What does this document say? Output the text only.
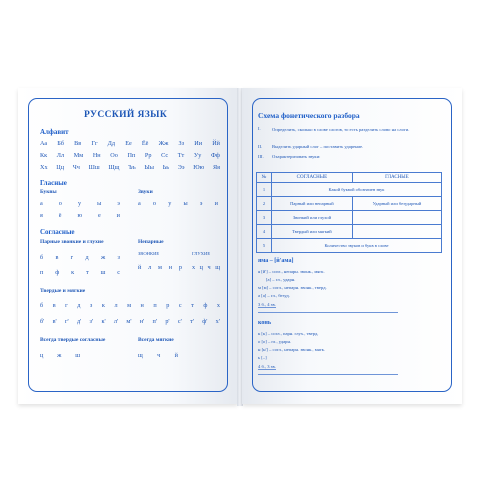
РУССКИЙ ЯЗЫК
Алфавит
Аа Бб Вв Гг Дд Ее Ёё Жж Зз Ии Йй
Кк Лл Мм Нн Оо Пп Рр Сс Тт Уу Фф
Хх Цц Чч Шш Щщ Ъъ Ыы Ьь Ээ Юю Яя
Гласные
Буквы	Звуки
а	о	у	ы	э
я	ё	ю	е	и
а о у ы э и
Согласные
Парные звонкие и глухие	Непарные
ЗВОНКИЕ	ГЛУХИЕ
б в г д ж з
п ф к т ш с
й л м н р х ц ч щ
Твердые и мягкие
б в г д з к л м н п р с т ф х
б' в' г' д' з' к' л' м' н' п' р' с' т' ф' х'
Всегда твердые согласные	Всегда мягкие
ц ж ш	щ ч й
Схема фонетического разбора
I. Определить, сколько в слове слогов, то есть разделить слово на слоги.
II. Выделить ударный слог – поставить ударение.
III. Охарактеризовать звуки:
№	СОГЛАСНЫЕ	ГЛАСНЫЕ
1	Какой буквой обозначен звук	
2	Парный или непарный	Ударный или безударный
3	Звонкий или глухой	
4	Твердый или мягкий	
5	Количество звуков и букв в слове	
яма – [й'ама]
я [й'] – согл., непарн. звонк., мягк.
[а] – гл., ударн.
м [м] – согл., непарн. звонк., тверд.
а [а] – гл., безуд.
3 б., 4 зв.
конь
к [к] – согл., парн. глух., тверд.
о [о] – гл., ударн.
н [н'] – согл., непарн. звонк., мягк.
ь [–]
4 б., 3 зв.
